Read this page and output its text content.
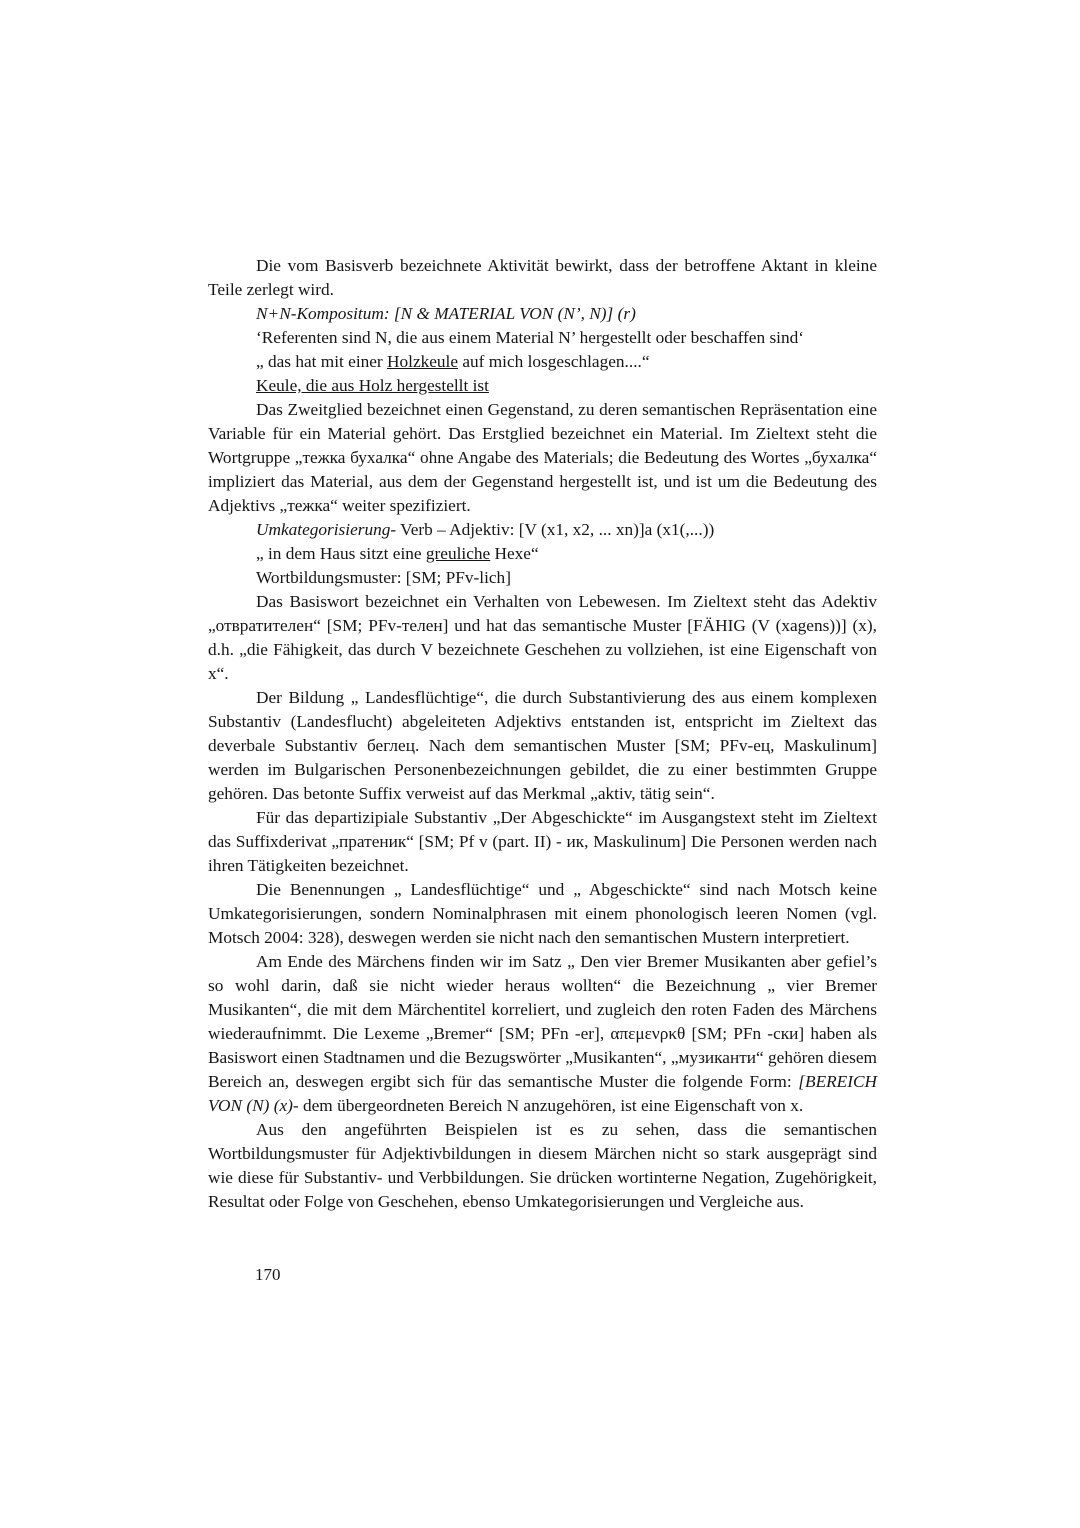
Die vom Basisverb bezeichnete Aktivität bewirkt, dass der betroffene Aktant in kleine Teile zerlegt wird.

N+N-Kompositum: [N & MATERIAL VON (N’, N)] (r)

‘Referenten sind N, die aus einem Material N’ hergestellt oder beschaffen sind‘

„ das hat mit einer Holzkeule auf mich losgeschlagen....“

Keule, die aus Holz hergestellt ist

Das Zweitglied bezeichnet einen Gegenstand, zu deren semantischen Repräsentation eine Variable für ein Material gehört. Das Erstglied bezeichnet ein Material. Im Zieltext steht die Wortgruppe „тежка бухалка“ ohne Angabe des Materials; die Bedeutung des Wortes „бухалка“ impliziert das Material, aus dem der Gegenstand hergestellt ist, und ist um die Bedeutung des Adjektivs „тежка“ weiter spezifiziert.

Umkategorisierung- Verb – Adjektiv: [V (x1, x2, ... xn)]a (x1(,...))

„ in dem Haus sitzt eine greuliche Hexe“

Wortbildungsmuster: [SM; PFv-lich]

Das Basiswort bezeichnet ein Verhalten von Lebewesen. Im Zieltext steht das Adektiv „отвратителен“ [SM; PFv-телен] und hat das semantische Muster [FÄHIG (V (xagens))] (x), d.h. „die Fähigkeit, das durch V bezeichnete Geschehen zu vollziehen, ist eine Eigenschaft von x“.

Der Bildung „ Landesflüchtige“, die durch Substantivierung des aus einem komplexen Substantiv (Landesflucht) abgeleiteten Adjektivs entstanden ist, entspricht im Zieltext das deverbale Substantiv беглец. Nach dem semantischen Muster [SM; PFv-ец, Maskulinum] werden im Bulgarischen Personenbezeichnungen gebildet, die zu einer bestimmten Gruppe gehören. Das betonte Suffix verweist auf das Merkmal „aktiv, tätig sein“.

Für das departizipiale Substantiv „Der Abgeschickte“ im Ausgangstext steht im Zieltext das Suffixderivat „пратеник“ [SM; Pf v (part. II) - ик, Maskulinum] Die Personen werden nach ihren Tätigkeiten bezeichnet.

Die Benennungen „ Landesflüchtige“ und „ Abgeschickte“ sind nach Motsch keine Umkategorisierungen, sondern Nominalphrasen mit einem phonologisch leeren Nomen (vgl. Motsch 2004: 328), deswegen werden sie nicht nach den semantischen Mustern interpretiert.

Am Ende des Märchens finden wir im Satz „ Den vier Bremer Musikanten aber gefiel’s so wohl darin, daß sie nicht wieder heraus wollten“ die Bezeichnung „ vier Bremer Musikanten“, die mit dem Märchentitel korreliert, und zugleich den roten Faden des Märchens wiederaufnimmt. Die Lexeme „Bremer“ [SM; PFn -er], απεμενρκθ [SM; PFn -ски] haben als Basiswort einen Stadtnamen und die Bezugswörter „Musikanten“, „музиканти“ gehören diesem Bereich an, deswegen ergibt sich für das semantische Muster die folgende Form: [BEREICH VON (N) (x)- dem übergeordneten Bereich N anzugehören, ist eine Eigenschaft von x.

Aus den angeführten Beispielen ist es zu sehen, dass die semantischen Wortbildungsmuster für Adjektivbildungen in diesem Märchen nicht so stark ausgeprägt sind wie diese für Substantiv- und Verbbildungen. Sie drücken wortinterne Negation, Zugehörigkeit, Resultat oder Folge von Geschehen, ebenso Umkategorisierungen und Vergleiche aus.

170
